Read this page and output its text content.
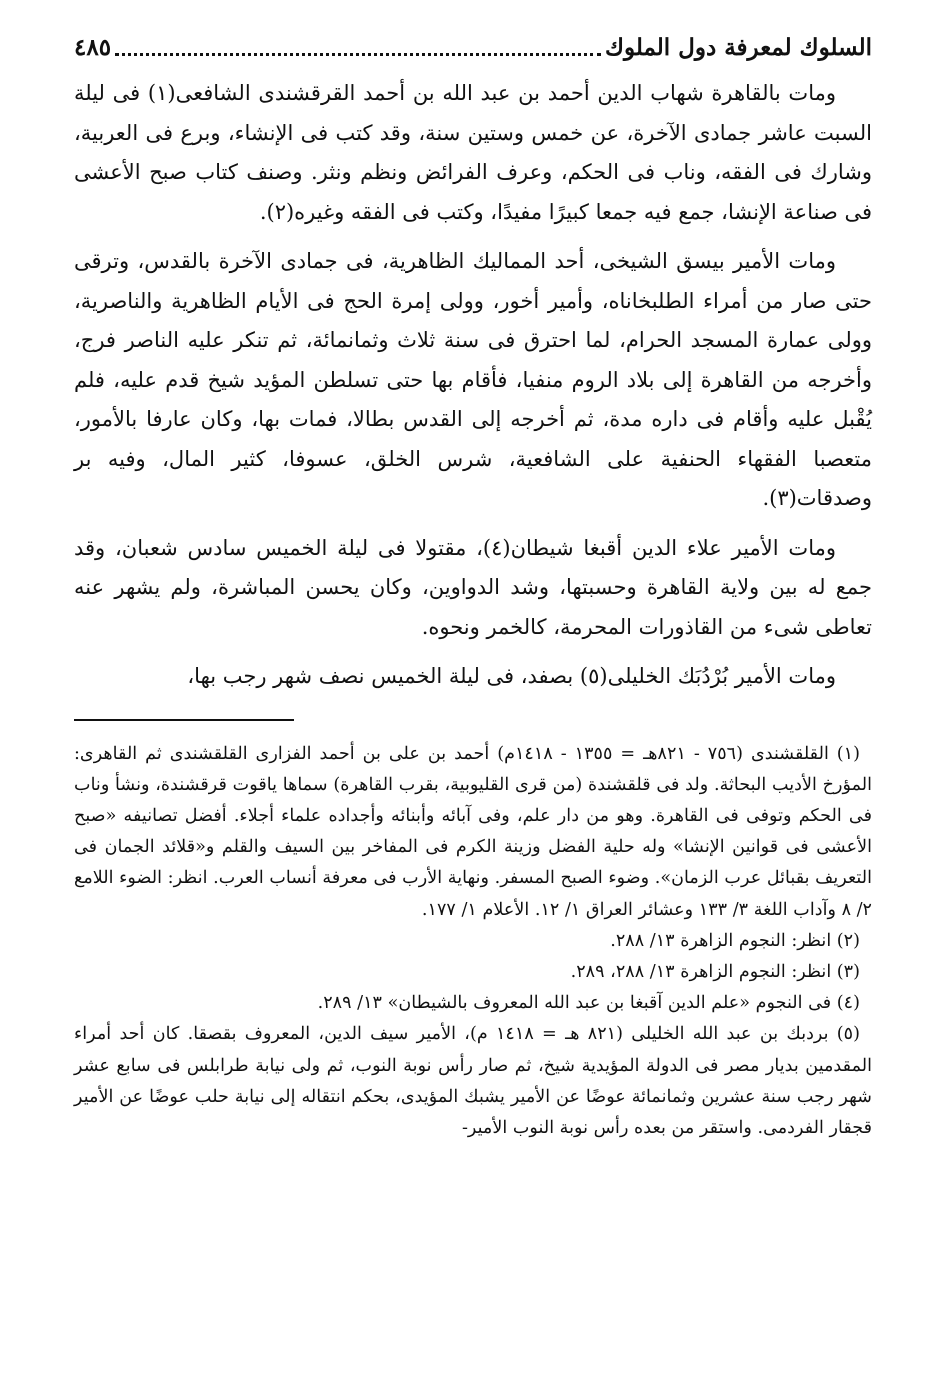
السلوك لمعرفة دول الملوك
٤٨٥

ومات بالقاهرة شهاب الدين أحمد بن عبد الله بن أحمد القرقشندى الشافعى(١) فى ليلة السبت عاشر جمادى الآخرة، عن خمس وستين سنة، وقد كتب فى الإنشاء، وبرع فى العربية، وشارك فى الفقه، وناب فى الحكم، وعرف الفرائض ونظم ونثر. وصنف كتاب صبح الأعشى فى صناعة الإنشا، جمع فيه جمعا كبيرًا مفيدًا، وكتب فى الفقه وغيره(٢).

ومات الأمير بيسق الشيخى، أحد المماليك الظاهرية، فى جمادى الآخرة بالقدس، وترقى حتى صار من أمراء الطلبخاناه، وأمير أخور، وولى إمرة الحج فى الأيام الظاهرية والناصرية، وولى عمارة المسجد الحرام، لما احترق فى سنة ثلاث وثمانمائة، ثم تنكر عليه الناصر فرج، وأخرجه من القاهرة إلى بلاد الروم منفيا، فأقام بها حتى تسلطن المؤيد شيخ قدم عليه، فلم يُقْبل عليه وأقام فى داره مدة، ثم أخرجه إلى القدس بطالا، فمات بها، وكان عارفا بالأمور، متعصبا الفقهاء الحنفية على الشافعية، شرس الخلق، عسوفا، كثير المال، وفيه بر وصدقات(٣).

ومات الأمير علاء الدين أقبغا شيطان(٤)، مقتولا فى ليلة الخميس سادس شعبان، وقد جمع له بين ولاية القاهرة وحسبتها، وشد الدواوين، وكان يحسن المباشرة، ولم يشهر عنه تعاطى شىء من القاذورات المحرمة، كالخمر ونحوه.

ومات الأمير بُرْدُبَك الخليلى(٥) بصفد، فى ليلة الخميس نصف شهر رجب بها،

(١) القلقشندى (٧٥٦ - ٨٢١هـ = ١٣٥٥ - ١٤١٨م) أحمد بن على بن أحمد الفزارى القلقشندى ثم القاهرى: المؤرخ الأديب البحاثة. ولد فى قلقشندة (من قرى القليوبية، بقرب القاهرة) سماها ياقوت قرقشندة، ونشأ وناب فى الحكم وتوفى فى القاهرة. وهو من دار علم، وفى آبائه وأبنائه وأجداده علماء أجلاء. أفضل تصانيفه «صبح الأعشى فى قوانين الإنشا» وله حلية الفضل وزينة الكرم فى المفاخر بين السيف والقلم و«قلائد الجمان فى التعريف بقبائل عرب الزمان». وضوء الصبح المسفر. ونهاية الأرب فى معرفة أنساب العرب. انظر: الضوء اللامع ٢/ ٨ وآداب اللغة ٣/ ١٣٣ وعشائر العراق ١/ ١٢. الأعلام ١/ ١٧٧.

(٢) انظر: النجوم الزاهرة ١٣/ ٢٨٨.

(٣) انظر: النجوم الزاهرة ١٣/ ٢٨٨، ٢٨٩.

(٤) فى النجوم «علم الدين آقبغا بن عبد الله المعروف بالشيطان» ١٣/ ٢٨٩.

(٥) بردبك بن عبد الله الخليلى (٨٢١ هـ = ١٤١٨ م)، الأمير سيف الدين، المعروف بقصقا. كان أحد أمراء المقدمين بديار مصر فى الدولة المؤيدية شيخ، ثم صار رأس نوبة النوب، ثم ولى نيابة طرابلس فى سابع عشر شهر رجب سنة عشرين وثمانمائة عوضًا عن الأمير يشبك المؤيدى، بحكم انتقاله إلى نيابة حلب عوضًا عن الأمير قجقار الفردمى. واستقر من بعده رأس نوبة النوب الأمير-
